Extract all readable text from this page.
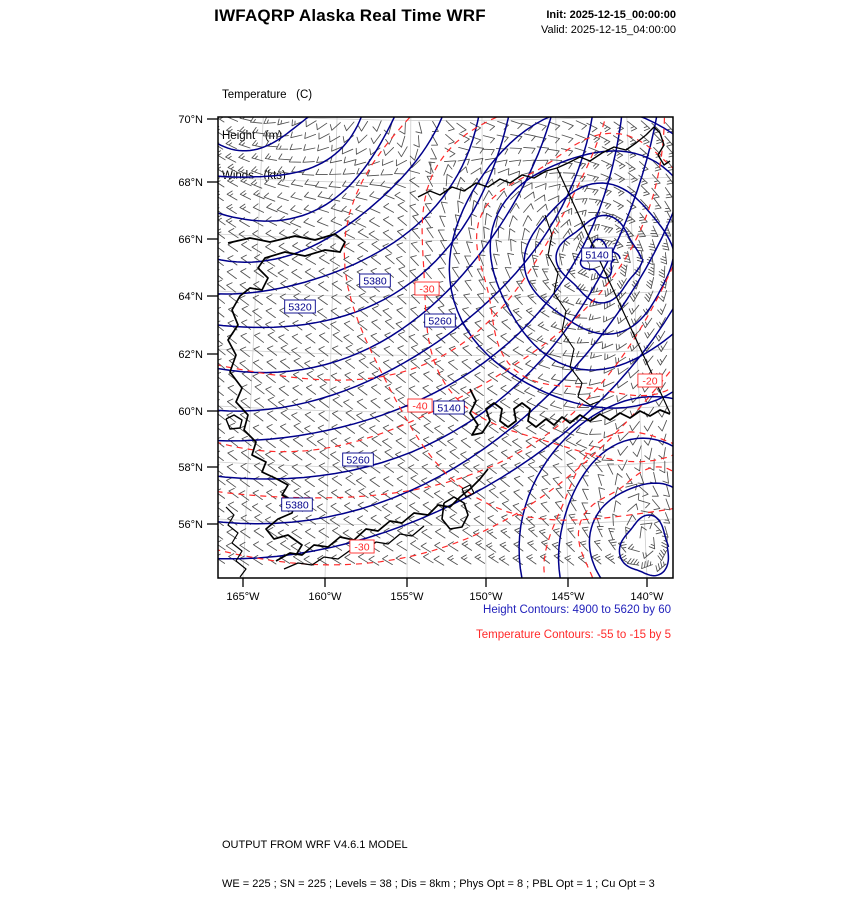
IWFAQRP Alaska Real Time WRF	Init: 2025-12-15_00:00:00
Valid: 2025-12-15_04:00:00

Temperature   (C)

Height   (m)

Winds   (kts)

5320
5380
-30
5260
5140
-20
-40 5140
5260
5380
-30
70°N
68°N
66°N
64°N
62°N
60°N
58°N
56°N
165°W	160°W	155°W	150°W	145°W	140°W
Height Contours: 4900 to 5620 by 60
Temperature Contours: -55 to -15 by 5

OUTPUT FROM WRF V4.6.1 MODEL

WE = 225 ; SN = 225 ; Levels = 38 ; Dis = 8km ; Phys Opt = 8 ; PBL Opt = 1 ; Cu Opt = 3
